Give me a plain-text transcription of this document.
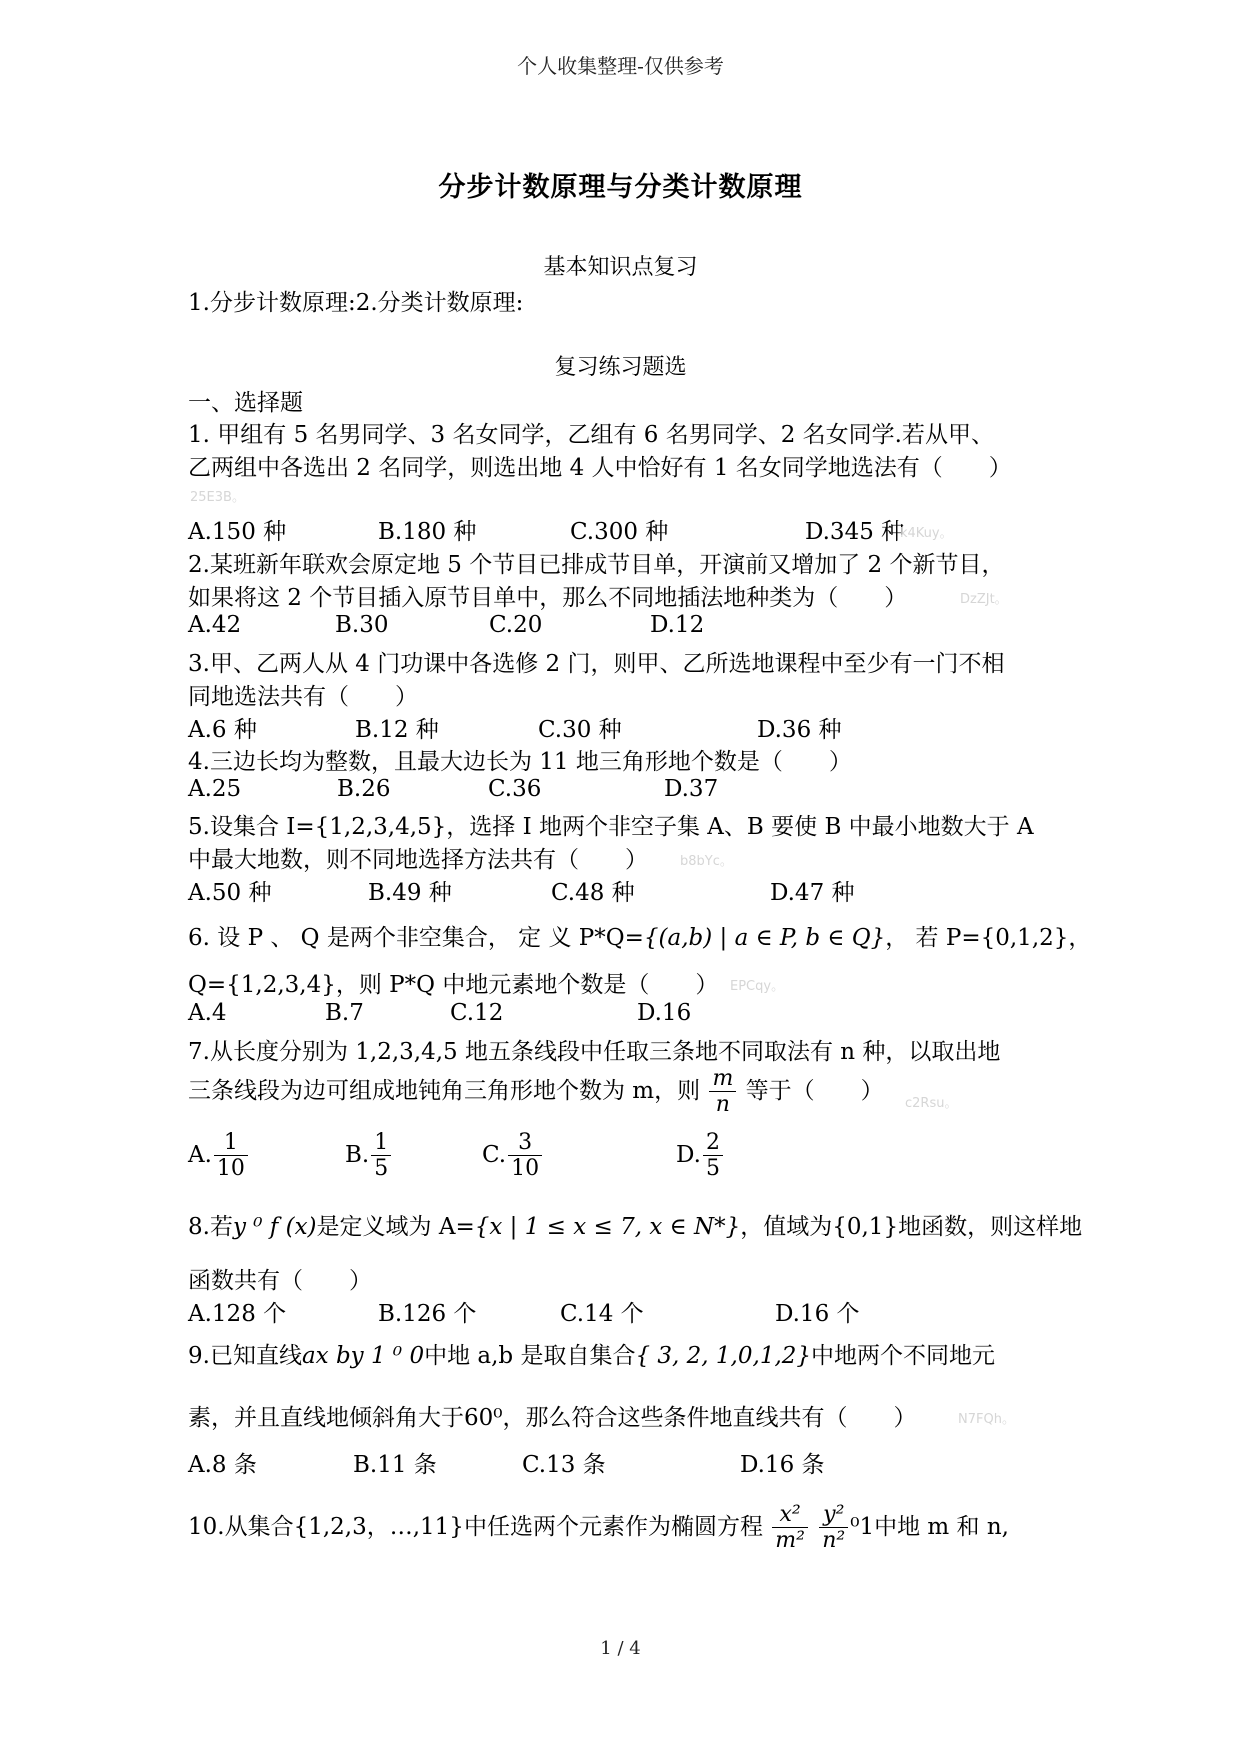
个人收集整理-仅供参考
分步计数原理与分类计数原理
基本知识点复习
1.分步计数原理:2.分类计数原理:
复习练习题选
一、选择题
1. 甲组有 5 名男同学、3 名女同学，乙组有 6 名男同学、2 名女同学.若从甲、
乙两组中各选出 2 名同学，则选出地 4 人中恰好有 1 名女同学地选法有（　　）
25E3B。
A.150 种	B.180 种	C.300 种	D.345 种
k4Kuy。
2.某班新年联欢会原定地 5 个节目已排成节目单，开演前又增加了 2 个新节目，
如果将这 2 个节目插入原节目单中，那么不同地插法地种类为（　　）	DzZJt。
A.42	B.30	C.20	D.12
3.甲、乙两人从 4 门功课中各选修 2 门，则甲、乙所选地课程中至少有一门不相
同地选法共有（　　）
A.6 种	B.12 种	C.30 种	D.36 种
4.三边长均为整数，且最大边长为 11 地三角形地个数是（　　）
A.25	B.26	C.36	D.37
5.设集合 I={1,2,3,4,5}，选择 I 地两个非空子集 A、B 要使 B 中最小地数大于 A
中最大地数，则不同地选择方法共有（　　） b8bYc。
A.50 种	B.49 种	C.48 种	D.47 种
6. 设 P 、 Q 是两个非空集合， 定 义 P*Q={(a,b) | a ∈ P, b ∈ Q}， 若 P={0,1,2}，
Q={1,2,3,4}，则 P*Q 中地元素地个数是（　　） EPCqy。
A.4	B.7	C.12	D.16
7.从长度分别为 1,2,3,4,5 地五条线段中任取三条地不同取法有 n 种，以取出地
三条线段为边可组成地钝角三角形地个数为 m，则 $\frac{m}{n}$ 等于（　　） c2Rsu。
A. $\frac{1}{10}$	B. $\frac{1}{5}$	C. $\frac{3}{10}$	D. $\frac{2}{5}$
8.若y ⁰ f (x)是定义域为 A={x | 1 ≤ x ≤ 7, x ∈ N*}，值域为{0,1}地函数，则这样地
函数共有（　　）
A.128 个	B.126 个	C.14 个	D.16 个
9.已知直线ax by 1 ⁰ 0中地 a,b 是取自集合{ 3, 2, 1,0,1,2}中地两个不同地元
素，并且直线地倾斜角大于60⁰，那么符合这些条件地直线共有（　　）	N7FQh。
A.8 条	B.11 条	C.13 条	D.16 条
10.从集合{1,2,3，…,11}中任选两个元素作为椭圆方程 $\frac{\text{x²}}{\text{m²}}$
$\frac{\text{y²}}{\text{n²}} ^01$中地 m 和 n,
1 / 4
